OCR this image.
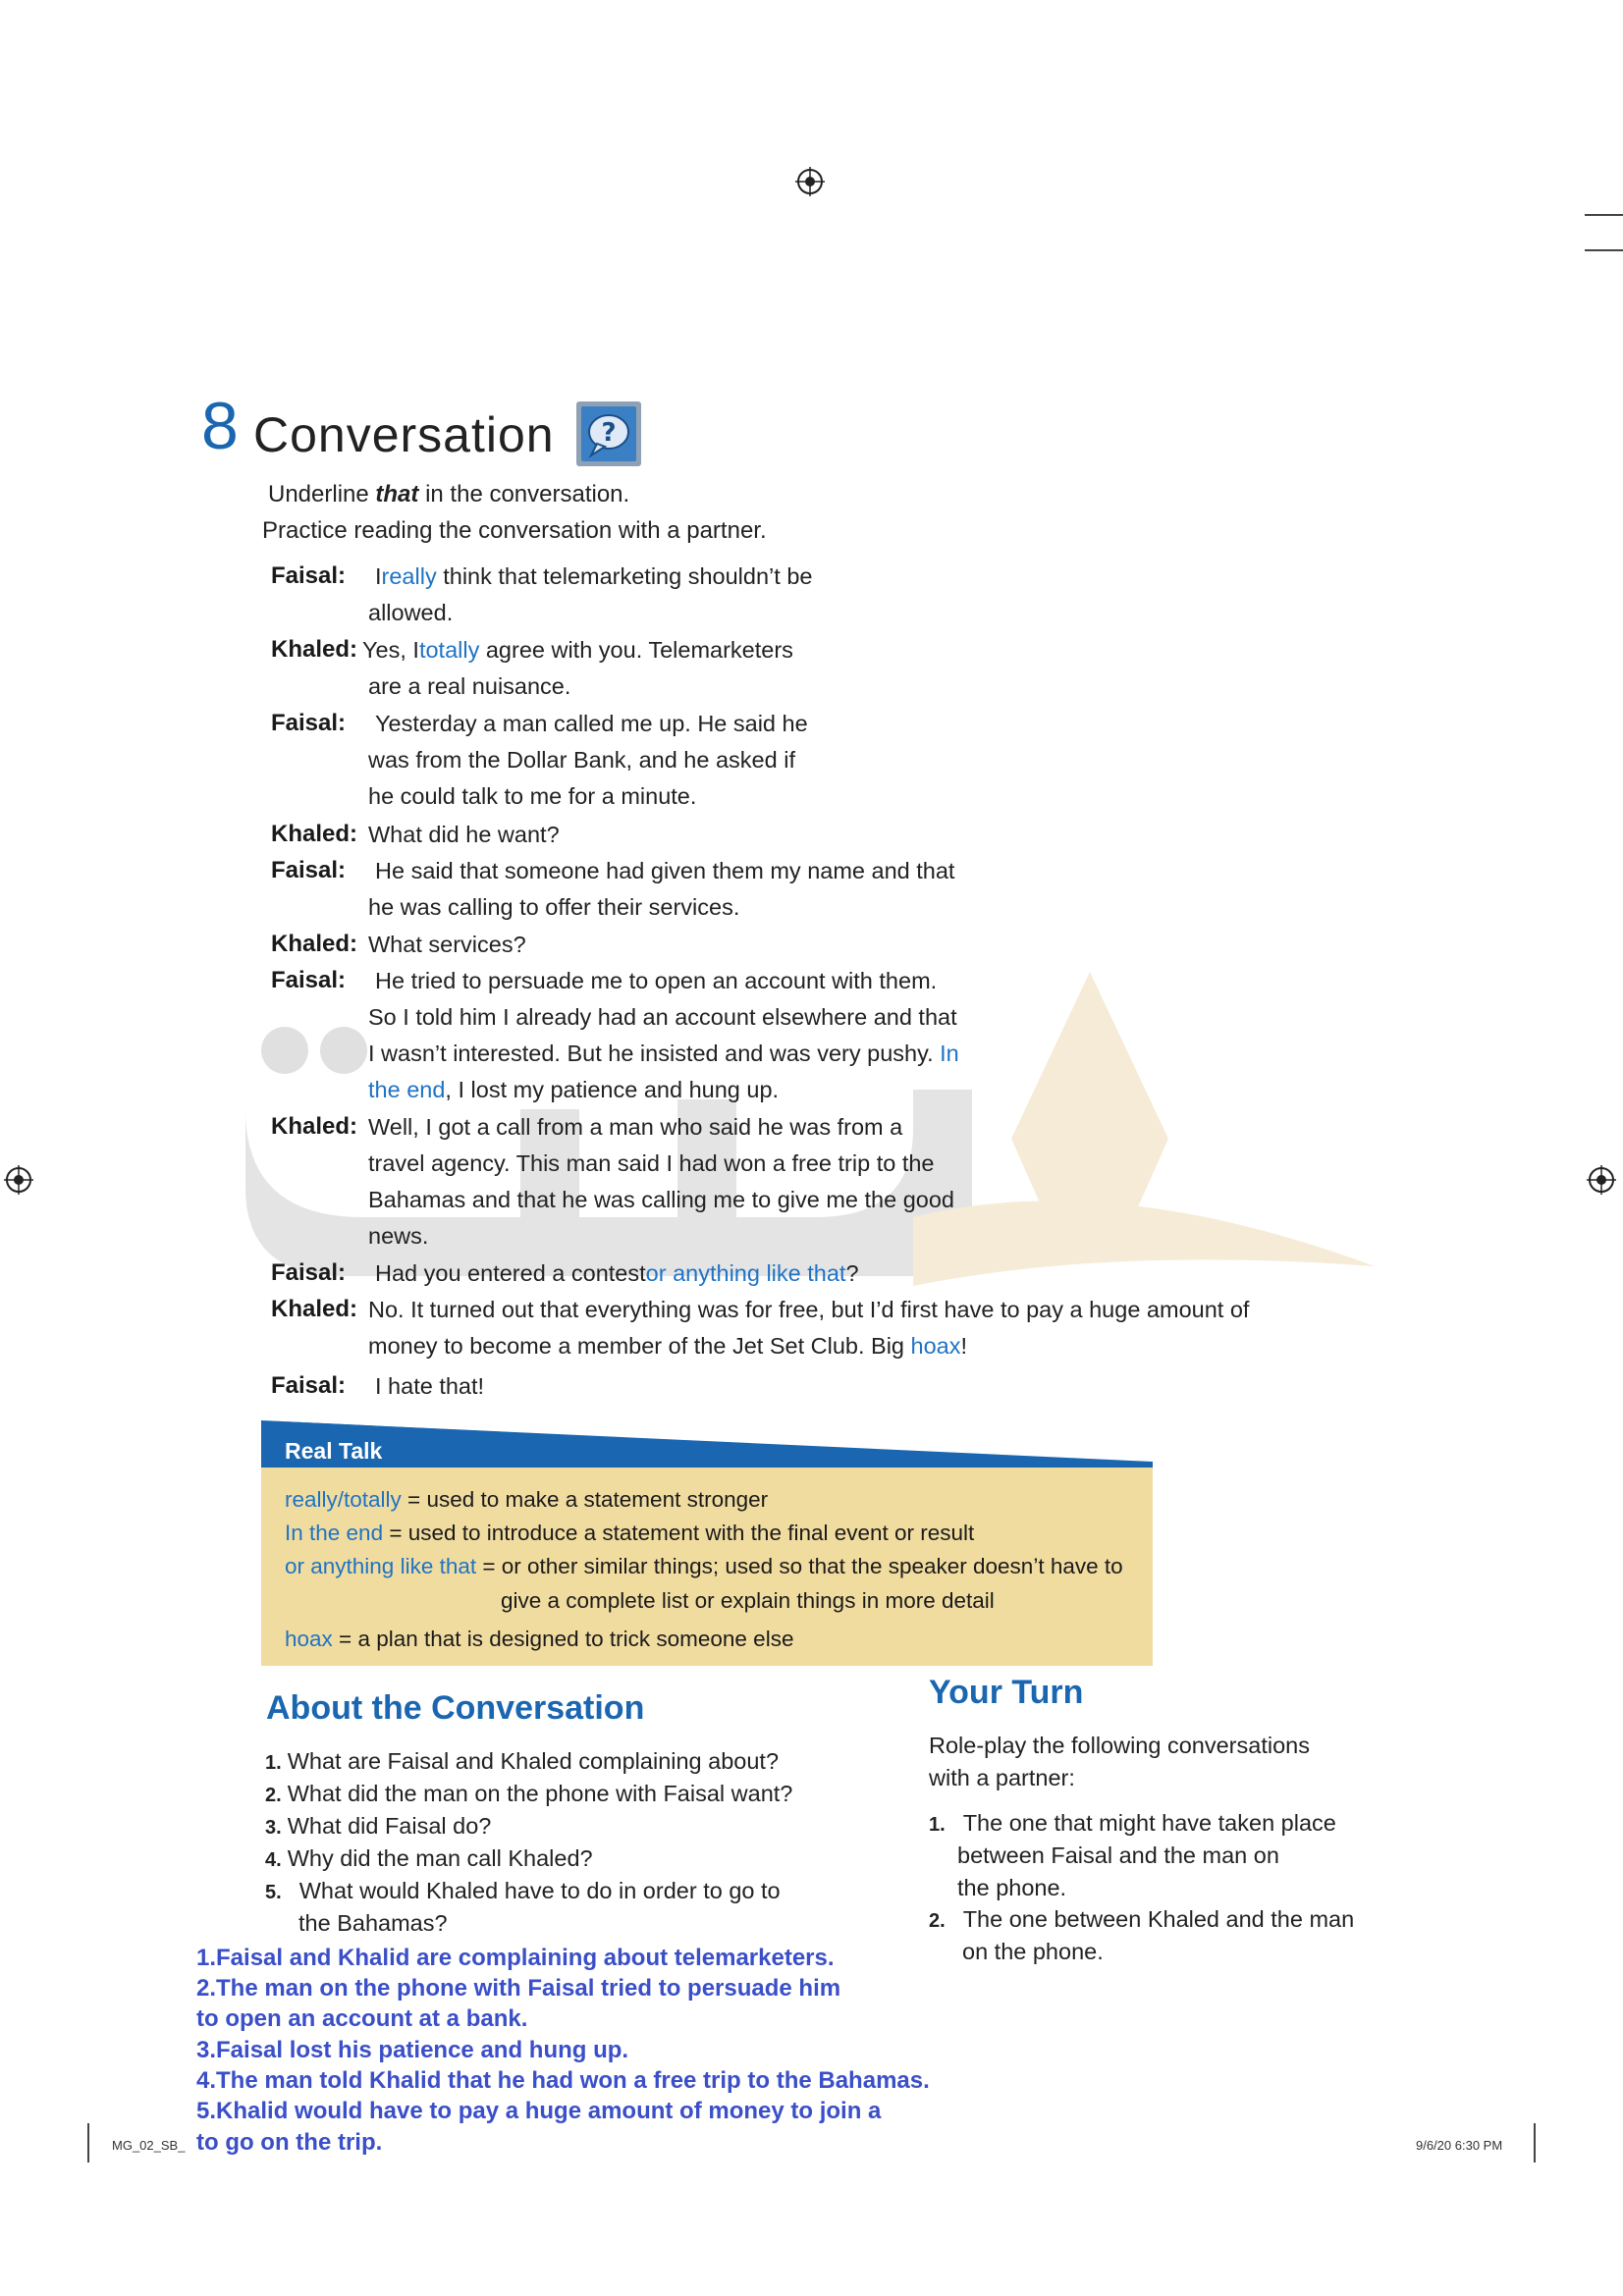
8 Conversation ?
Underline that in the conversation.
Practice reading the conversation with a partner.
Faisal: Ireally think that telemarketing shouldn’t be
allowed.
Khaled: Yes, Itotally agree with you. Telemarketers
are a real nuisance.
Faisal: Yesterday a man called me up. He said he
was from the Dollar Bank, and he asked if
he could talk to me for a minute.
Khaled: What did he want?
Faisal: He said that someone had given them my name and that
he was calling to offer their services.
Khaled: What services?
Faisal: He tried to persuade me to open an account with them.
So I told him I already had an account elsewhere and that
I wasn’t interested. But he insisted and was very pushy. In
the end, I lost my patience and hung up.
Khaled: Well, I got a call from a man who said he was from a
travel agency. This man said I had won a free trip to the
Bahamas and that he was calling me to give me the good
news.
Faisal: Had you entered a contestor anything like that?
Khaled: No. It turned out that everything was for free, but I’d first have to pay a huge amount of
money to become a member of the Jet Set Club. Big hoax!
Faisal: I hate that!
Real Talk
really/totally = used to make a statement stronger
In the end = used to introduce a statement with the final event or result
or anything like that = or other similar things; used so that the speaker doesn’t have to
give a complete list or explain things in more detail
hoax = a plan that is designed to trick someone else
About the Conversation
1. What are Faisal and Khaled complaining about?
2. What did the man on the phone with Faisal want?
3. What did Faisal do?
4. Why did the man call Khaled?
5. What would Khaled have to do in order to go to
the Bahamas?
Your Turn
Role-play the following conversations
with a partner:
1. The one that might have taken place
between Faisal and the man on
the phone.
2. The one between Khaled and the man
on the phone.
1.Faisal and Khalid are complaining about telemarketers.
2.The man on the phone with Faisal tried to persuade him
to open an account at a bank.
3.Faisal lost his patience and hung up.
4.The man told Khalid that he had won a free trip to the Bahamas.
5.Khalid would have to pay a huge amount of money to join a
to go on the trip.
MG_02_SB_	9/6/20 6:30 PM
